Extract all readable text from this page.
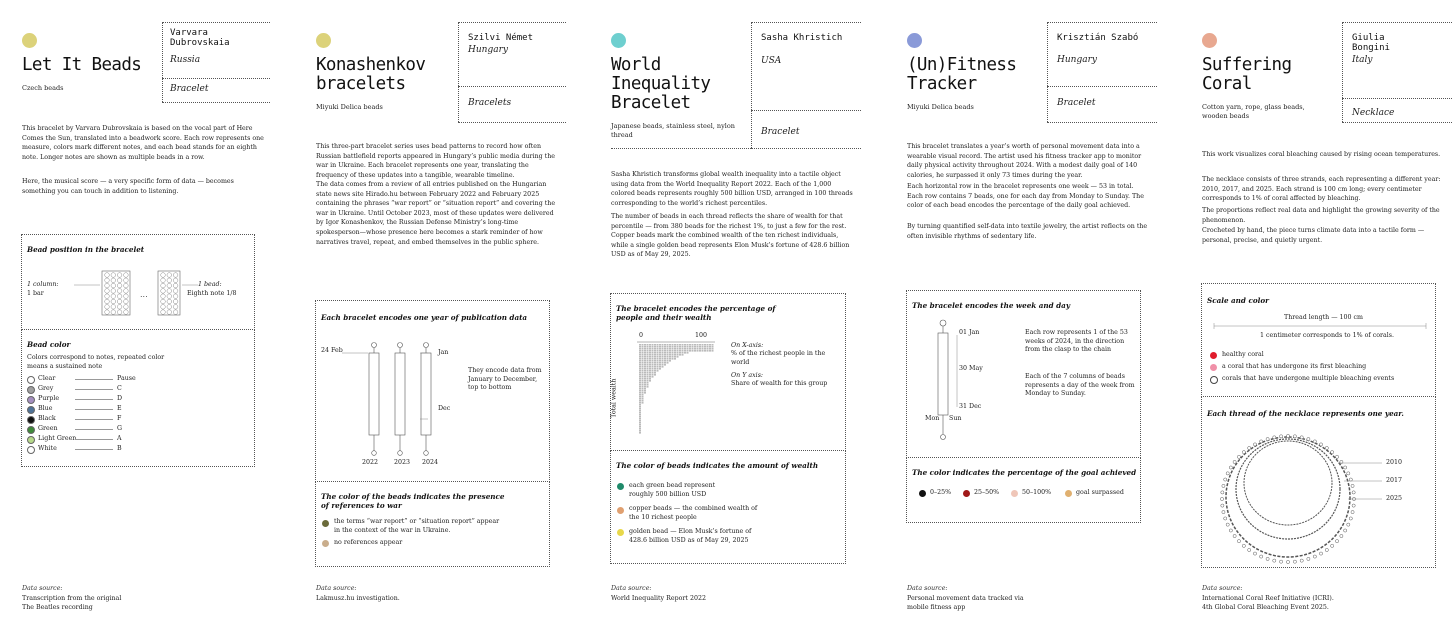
Let It Beads
Czech beads
Varvara Dubrovskaia
Russia
Bracelet

This bracelet by Varvara Dubrovskaia is based on the vocal part of Here Comes the Sun, translated into a beadwork score. Each row represents one measure, colors mark different notes, and each bead stands for an eighth note. Longer notes are shown as multiple beads in a row.

Here, the musical score — a very specific form of data — becomes something you can touch in addition to listening.

Bead position in the bracelet
1 column:
1 bar	...
1 bead:
Eighth note 1/8
Bead color
Colors correspond to notes, repeated color means a sustained note
Clear	Pause
Grey	C
Purple	D
Blue	E
Black	F
Green	G
Light Green	A
White	B
Data source:
Transcription from the original The Beatles recording
Konashenkov bracelets
Miyuki Delica beads
Szilvi Német
Hungary
Bracelets

This three-part bracelet series uses bead patterns to record how often Russian battlefield reports appeared in Hungary’s public media during the war in Ukraine. Each bracelet represents one year, translating the frequency of these updates into a tangible, wearable timeline.

The data comes from a review of all entries published on the Hungarian state news site Hirado.hu between February 2022 and February 2025 containing the phrases “war report” or “situation report” and covering the war in Ukraine. Until October 2023, most of these updates were delivered by Igor Konashenkov, the Russian Defense Ministry’s long-time spokesperson—whose presence here becomes a stark reminder of how narratives travel, repeat, and embed themselves in the public sphere.

Each bracelet encodes one year of publication data
24 Feb	Jan
Dec
They encode data from January to December, top to bottom
2022	2023 2024
The color of the beads indicates the presence of references to war
the terms “war report” or “situation report” appear in the context of the war in Ukraine.
no references appear
Data source:
Lakmusz.hu investigation.
World Inequality Bracelet
Japanese beads, stainless steel, nylon thread
Sasha Khristich
USA
Bracelet

Sasha Khristich transforms global wealth inequality into a tactile object using data from the World Inequality Report 2022. Each of the 1,000 colored beads represents roughly 500 billion USD, arranged in 100 threads corresponding to the world’s richest percentiles.

The number of beads in each thread reflects the share of wealth for that percentile — from 380 beads for the richest 1%, to just a few for the rest. Copper beads mark the combined wealth of the ten richest individuals, while a single golden bead represents Elon Musk’s fortune of 428.6 billion USD as of May 29, 2025.

The bracelet encodes the percentage of people and their wealth
0	100
Total wealth
On X-axis:
% of the richest people in the world
On Y axis:
Share of wealth for this group
The color of beads indicates the amount of wealth
each green bead represent roughly 500 billion USD
copper beads — the combined wealth of the 10 richest people
golden bead — Elon Musk’s fortune of 428.6 billion USD as of May 29, 2025
Data source:
World Inequality Report 2022
(Un)Fitness Tracker
Miyuki Delica beads
Krisztián Szabó
Hungary
Bracelet

This bracelet translates a year’s worth of personal movement data into a wearable visual record. The artist used his fitness tracker app to monitor daily physical activity throughout 2024. With a modest daily goal of 140 calories, he surpassed it only 73 times during the year.

Each horizontal row in the bracelet represents one week — 53 in total. Each row contains 7 beads, one for each day from Monday to Sunday. The color of each bead encodes the percentage of the daily goal achieved.

By turning quantified self-data into textile jewelry, the artist reflects on the often invisible rhythms of sedentary life.

The bracelet encodes the week and day
01 Jan
30 May
31 Dec
Mon Sun
Each row represents 1 of the 53 weeks of 2024, in the direction from the clasp to the chain
Each of the 7 columns of beads represents a day of the week from Monday to Sunday.
The color indicates the percentage of the goal achieved
0–25%	25–50%	50–100%	goal surpassed
Data source:
Personal movement data tracked via mobile fitness app
Suffering Coral
Cotton yarn, rope, glass beads, wooden beads
Giulia Bongini
Italy
Necklace

This work visualizes coral bleaching caused by rising ocean temperatures.

The necklace consists of three strands, each representing a different year: 2010, 2017, and 2025. Each strand is 100 cm long; every centimeter corresponds to 1% of coral affected by bleaching.

The proportions reflect real data and highlight the growing severity of the phenomenon.

Crocheted by hand, the piece turns climate data into a tactile form — personal, precise, and quietly urgent.

Scale and color
Thread length — 100 cm
1 centimeter corresponds to 1% of corals.
healthy coral
a coral that has undergone its first bleaching
corals that have undergone multiple bleaching events
Each thread of the necklace represents one year.
2010
2017
2025
Data source:
International Coral Reef Initiative (ICRI). 4th Global Coral Bleaching Event 2025.
